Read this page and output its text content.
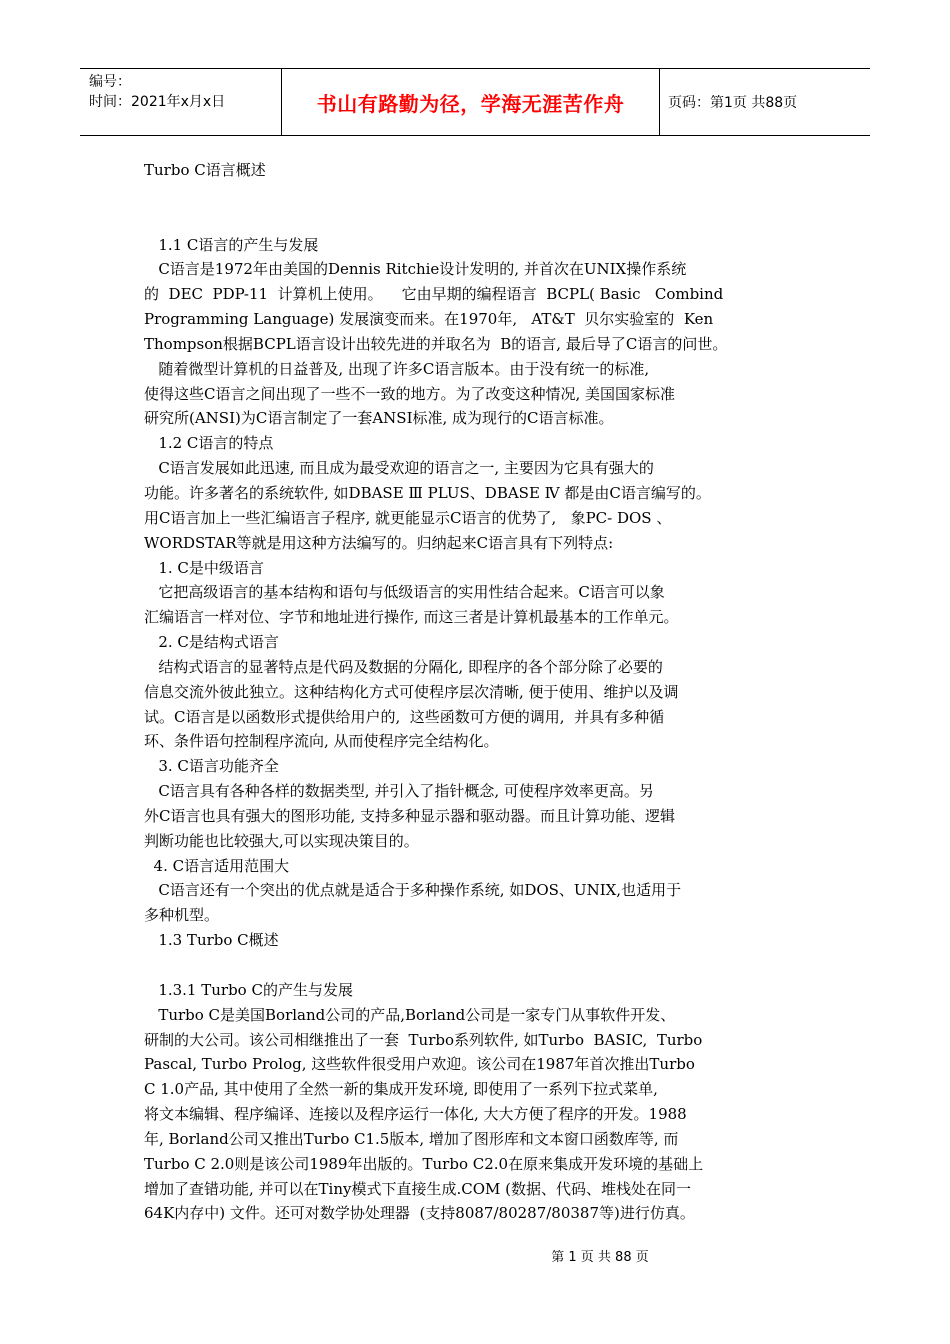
编号：
时间：2021年x月x日	书山有路勤为径，学海无涯苦作舟	页码：第1页 共88页

Turbo C语言概述

1.1 C语言的产生与发展

C语言是1972年由美国的Dennis Ritchie设计发明的, 并首次在UNIX操作系统

的  DEC  PDP-11  计算机上使用。    它由早期的编程语言  BCPL( Basic   Combind

Programming Language) 发展演变而来。在1970年,   AT&T  贝尔实验室的  Ken

Thompson根据BCPL语言设计出较先进的并取名为  B的语言, 最后导了C语言的问世。

随着微型计算机的日益普及, 出现了许多C语言版本。由于没有统一的标准,

使得这些C语言之间出现了一些不一致的地方。为了改变这种情况, 美国国家标准

研究所(ANSI)为C语言制定了一套ANSI标准, 成为现行的C语言标准。

1.2 C语言的特点

C语言发展如此迅速, 而且成为最受欢迎的语言之一, 主要因为它具有强大的

功能。许多著名的系统软件, 如DBASE Ⅲ PLUS、DBASE Ⅳ 都是由C语言编写的。

用C语言加上一些汇编语言子程序, 就更能显示C语言的优势了,   象PC- DOS 、

WORDSTAR等就是用这种方法编写的。归纳起来C语言具有下列特点:

1. C是中级语言

它把高级语言的基本结构和语句与低级语言的实用性结合起来。C语言可以象

汇编语言一样对位、字节和地址进行操作, 而这三者是计算机最基本的工作单元。

2. C是结构式语言

结构式语言的显著特点是代码及数据的分隔化, 即程序的各个部分除了必要的

信息交流外彼此独立。这种结构化方式可使程序层次清晰, 便于使用、维护以及调

试。C语言是以函数形式提供给用户的,  这些函数可方便的调用,  并具有多种循

环、条件语句控制程序流向, 从而使程序完全结构化。

3. C语言功能齐全

C语言具有各种各样的数据类型, 并引入了指针概念, 可使程序效率更高。另

外C语言也具有强大的图形功能, 支持多种显示器和驱动器。而且计算功能、逻辑

判断功能也比较强大,可以实现决策目的。

4. C语言适用范围大

C语言还有一个突出的优点就是适合于多种操作系统, 如DOS、UNIX,也适用于

多种机型。

1.3 Turbo C概述

1.3.1 Turbo C的产生与发展

Turbo C是美国Borland公司的产品,Borland公司是一家专门从事软件开发、

研制的大公司。该公司相继推出了一套  Turbo系列软件, 如Turbo  BASIC,  Turbo

Pascal, Turbo Prolog, 这些软件很受用户欢迎。该公司在1987年首次推出Turbo

C 1.0产品, 其中使用了全然一新的集成开发环境, 即使用了一系列下拉式菜单,

将文本编辑、程序编译、连接以及程序运行一体化, 大大方便了程序的开发。1988

年, Borland公司又推出Turbo C1.5版本, 增加了图形库和文本窗口函数库等, 而

Turbo C 2.0则是该公司1989年出版的。Turbo C2.0在原来集成开发环境的基础上

增加了查错功能, 并可以在Tiny模式下直接生成.COM (数据、代码、堆栈处在同一

64K内存中) 文件。还可对数学协处理器  (支持8087/80287/80387等)进行仿真。

第 1 页 共 88 页
